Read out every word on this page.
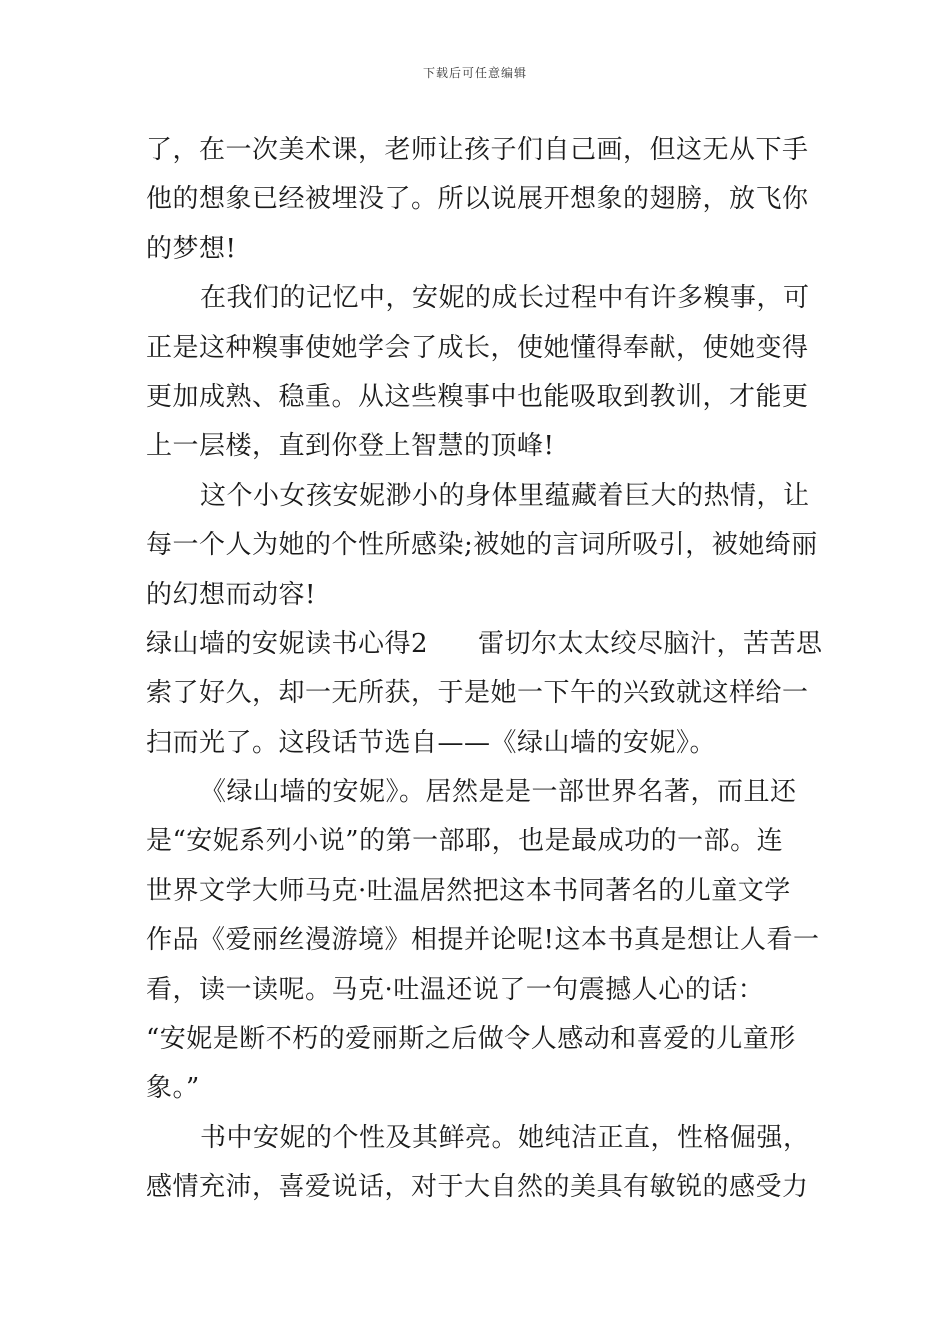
下载后可任意编辑
了，在一次美术课，老师让孩子们自己画，但这无从下手
他的想象已经被埋没了。所以说展开想象的翅膀，放飞你
的梦想!
在我们的记忆中，安妮的成长过程中有许多糗事，可
正是这种糗事使她学会了成长，使她懂得奉献，使她变得
更加成熟、稳重。从这些糗事中也能吸取到教训，才能更
上一层楼，直到你登上智慧的顶峰!
这个小女孩安妮渺小的身体里蕴藏着巨大的热情，让
每一个人为她的个性所感染;被她的言词所吸引，被她绮丽
的幻想而动容!
绿山墙的安妮读书心得2 雷切尔太太绞尽脑汁，苦苦思
索了好久，却一无所获，于是她一下午的兴致就这样给一
扫而光了。这段话节选自——《绿山墙的安妮》。
《绿山墙的安妮》。居然是是一部世界名著，而且还
是“安妮系列小说”的第一部耶，也是最成功的一部。连
世界文学大师马克·吐温居然把这本书同著名的儿童文学
作品《爱丽丝漫游境》相提并论呢!这本书真是想让人看一
看，读一读呢。马克·吐温还说了一句震撼人心的话：
“安妮是断不朽的爱丽斯之后做令人感动和喜爱的儿童形
象。”
书中安妮的个性及其鲜亮。她纯洁正直，性格倔强，
感情充沛，喜爱说话，对于大自然的美具有敏锐的感受力
